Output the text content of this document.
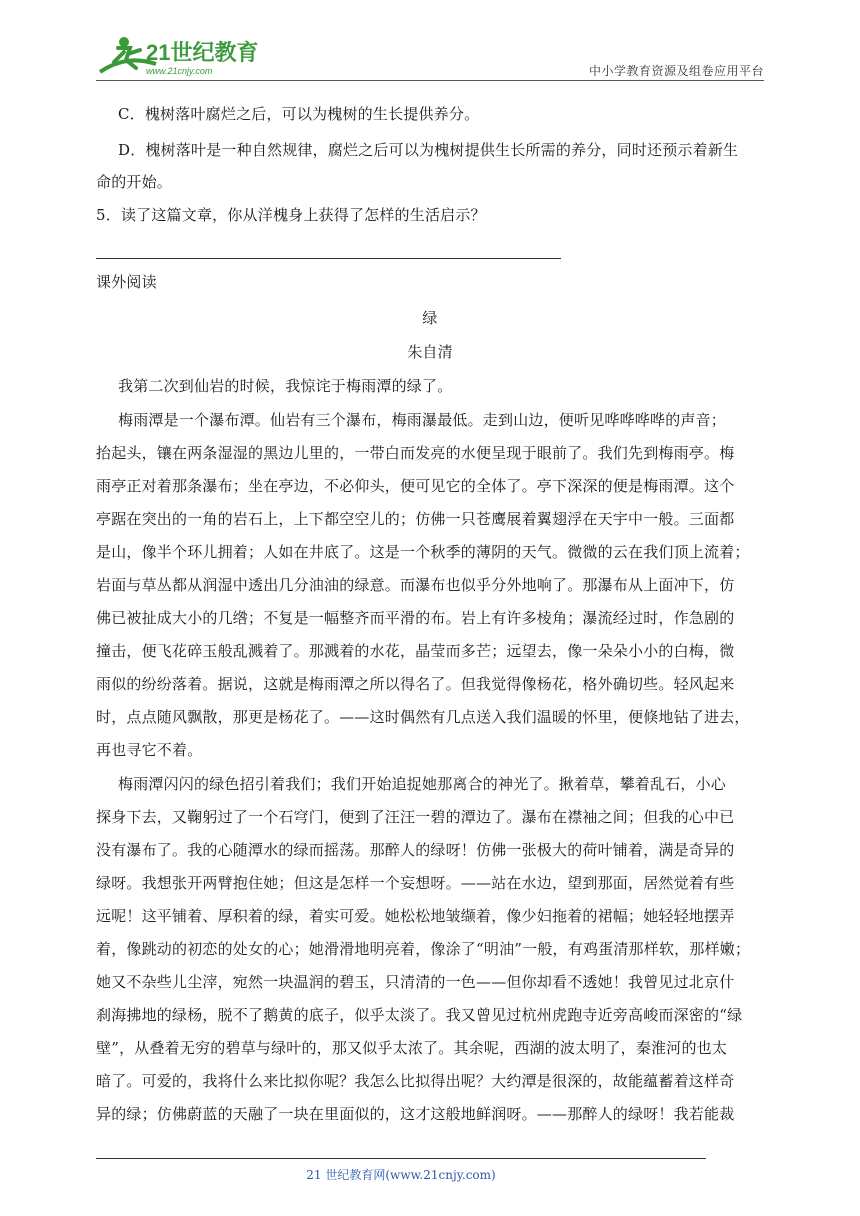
21世纪教育
www.21cnjy.com	中小学教育资源及组卷应用平台
C．槐树落叶腐烂之后，可以为槐树的生长提供养分。
D．槐树落叶是一种自然规律，腐烂之后可以为槐树提供生长所需的养分，同时还预示着新生
命的开始。
5．读了这篇文章，你从洋槐身上获得了怎样的生活启示？
课外阅读
绿
朱自清
我第二次到仙岩的时候，我惊诧于梅雨潭的绿了。
梅雨潭是一个瀑布潭。仙岩有三个瀑布，梅雨瀑最低。走到山边，便听见哗哗哗哗的声音；
抬起头，镶在两条湿湿的黑边儿里的，一带白而发亮的水便呈现于眼前了。我们先到梅雨亭。梅
雨亭正对着那条瀑布；坐在亭边，不必仰头，便可见它的全体了。亭下深深的便是梅雨潭。这个
亭踞在突出的一角的岩石上，上下都空空儿的；仿佛一只苍鹰展着翼翅浮在天宇中一般。三面都
是山，像半个环儿拥着；人如在井底了。这是一个秋季的薄阴的天气。微微的云在我们顶上流着；
岩面与草丛都从润湿中透出几分油油的绿意。而瀑布也似乎分外地响了。那瀑布从上面冲下，仿
佛已被扯成大小的几绺；不复是一幅整齐而平滑的布。岩上有许多棱角；瀑流经过时，作急剧的
撞击，便飞花碎玉般乱溅着了。那溅着的水花，晶莹而多芒；远望去，像一朵朵小小的白梅，微
雨似的纷纷落着。据说，这就是梅雨潭之所以得名了。但我觉得像杨花，格外确切些。轻风起来
时，点点随风飘散，那更是杨花了。——这时偶然有几点送入我们温暖的怀里，便倏地钻了进去，
再也寻它不着。
梅雨潭闪闪的绿色招引着我们；我们开始追捉她那离合的神光了。揪着草，攀着乱石，小心
探身下去，又鞠躬过了一个石穹门，便到了汪汪一碧的潭边了。瀑布在襟袖之间；但我的心中已
没有瀑布了。我的心随潭水的绿而摇荡。那醉人的绿呀！仿佛一张极大的荷叶铺着，满是奇异的
绿呀。我想张开两臂抱住她；但这是怎样一个妄想呀。——站在水边，望到那面，居然觉着有些
远呢！这平铺着、厚积着的绿，着实可爱。她松松地皱缬着，像少妇拖着的裙幅；她轻轻地摆弄
着，像跳动的初恋的处女的心；她滑滑地明亮着，像涂了“明油”一般，有鸡蛋清那样软，那样嫩；
她又不杂些儿尘滓，宛然一块温润的碧玉，只清清的一色——但你却看不透她！我曾见过北京什
刹海拂地的绿杨，脱不了鹅黄的底子，似乎太淡了。我又曾见过杭州虎跑寺近旁高峻而深密的“绿
壁”，从叠着无穷的碧草与绿叶的，那又似乎太浓了。其余呢，西湖的波太明了，秦淮河的也太
暗了。可爱的，我将什么来比拟你呢？我怎么比拟得出呢？大约潭是很深的，故能蕴蓄着这样奇
异的绿；仿佛蔚蓝的天融了一块在里面似的，这才这般地鲜润呀。——那醉人的绿呀！我若能裁
21 世纪教育网(www.21cnjy.com)
